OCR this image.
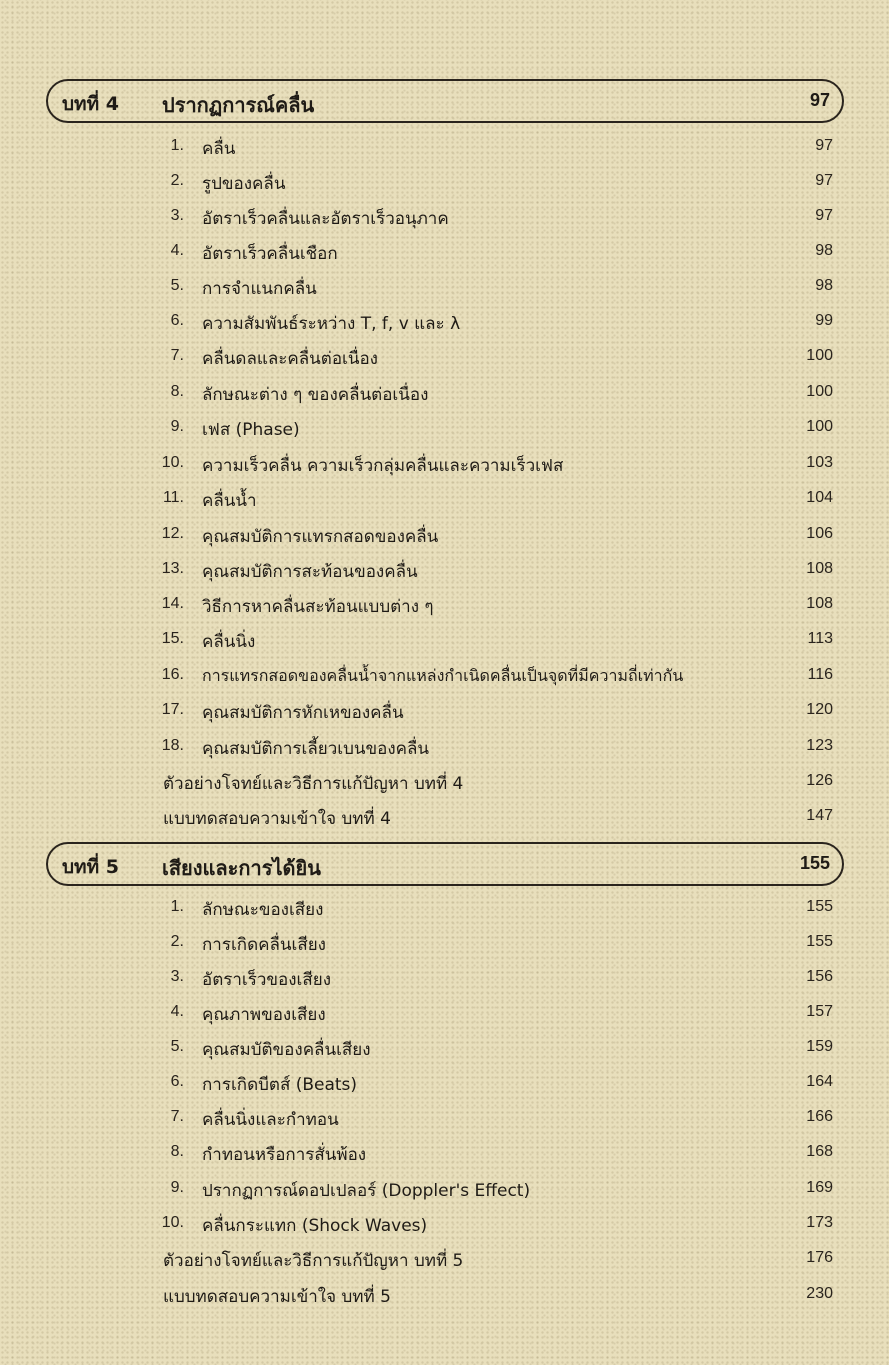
บทที่ 4 ปรากฏการณ์คลื่น	97
1. คลื่น	97
2. รูปของคลื่น	97
3. อัตราเร็วคลื่นและอัตราเร็วอนุภาค	97
4. อัตราเร็วคลื่นเชือก	98
5. การจำแนกคลื่น	98
6. ความสัมพันธ์ระหว่าง T, f, v และ λ	99
7. คลื่นดลและคลื่นต่อเนื่อง	100
8. ลักษณะต่าง ๆ ของคลื่นต่อเนื่อง	100
9. เฟส (Phase)	100
10. ความเร็วคลื่น ความเร็วกลุ่มคลื่นและความเร็วเฟส	103
11. คลื่นน้ำ	104
12. คุณสมบัติการแทรกสอดของคลื่น	106
13. คุณสมบัติการสะท้อนของคลื่น	108
14. วิธีการหาคลื่นสะท้อนแบบต่าง ๆ	108
15. คลื่นนิ่ง	113
16. การแทรกสอดของคลื่นน้ำจากแหล่งกำเนิดคลื่นเป็นจุดที่มีความถี่เท่ากัน	116
17. คุณสมบัติการหักเหของคลื่น	120
18. คุณสมบัติการเลี้ยวเบนของคลื่น	123
ตัวอย่างโจทย์และวิธีการแก้ปัญหา บทที่ 4	126
แบบทดสอบความเข้าใจ บทที่ 4	147
บทที่ 5 เสียงและการได้ยิน	155
1. ลักษณะของเสียง	155
2. การเกิดคลื่นเสียง	155
3. อัตราเร็วของเสียง	156
4. คุณภาพของเสียง	157
5. คุณสมบัติของคลื่นเสียง	159
6. การเกิดบีตส์ (Beats)	164
7. คลื่นนิ่งและกำทอน	166
8. กำทอนหรือการสั่นพ้อง	168
9. ปรากฏการณ์ดอปเปลอร์ (Doppler's Effect)	169
10. คลื่นกระแทก (Shock Waves)	173
ตัวอย่างโจทย์และวิธีการแก้ปัญหา บทที่ 5	176
แบบทดสอบความเข้าใจ บทที่ 5	230
